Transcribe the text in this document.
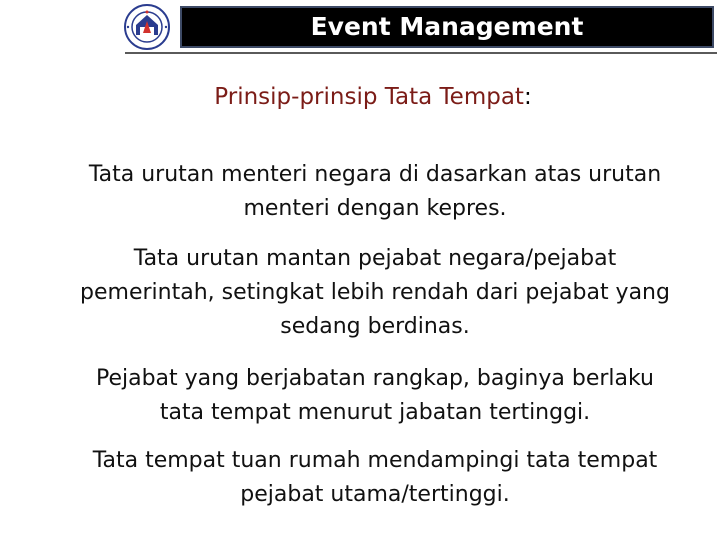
Event Management
Prinsip-prinsip Tata Tempat:
Tata urutan menteri negara di dasarkan atas urutan menteri dengan kepres.
Tata urutan mantan pejabat negara/pejabat pemerintah, setingkat lebih rendah dari pejabat yang sedang berdinas.
Pejabat yang berjabatan rangkap, baginya berlaku tata tempat menurut jabatan tertinggi.
Tata tempat tuan rumah mendampingi tata tempat pejabat utama/tertinggi.
